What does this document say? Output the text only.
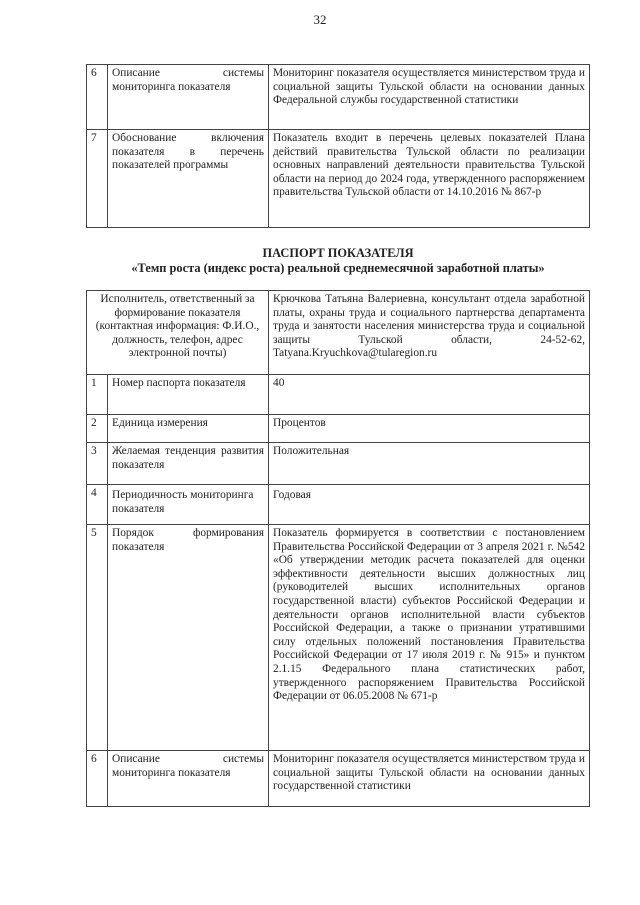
32
6	Описание системы мониторинга показателя	Мониторинг показателя осуществляется министерством труда и социальной защиты Тульской области на основании данных Федеральной службы государственной статистики
7	Обоснование включения показателя в перечень показателей программы	Показатель входит в перечень целевых показателей Плана действий правительства Тульской области по реализации основных направлений деятельности правительства Тульской области на период до 2024 года, утвержденного распоряжением правительства Тульской области от 14.10.2016 № 867-р
ПАСПОРТ ПОКАЗАТЕЛЯ
«Темп роста (индекс роста) реальной среднемесячной заработной платы»
Исполнитель, ответственный за формирование показателя (контактная информация: Ф.И.О., должность, телефон, адрес электронной почты)		Крючкова Татьяна Валериевна, консультант отдела заработной платы, охраны труда и социального партнерства департамента труда и занятости населения министерства труда и социальной защиты Тульской области, 24-52-62, Tatyana.Kryuchkova@tularegion.ru
1	Номер паспорта показателя	40
2	Единица измерения	Процентов
3	Желаемая тенденция развития показателя	Положительная
4	Периодичность мониторинга показателя	Годовая
5	Порядок формирования показателя	Показатель формируется в соответствии с постановлением Правительства Российской Федерации от 3 апреля 2021 г. №542 «Об утверждении методик расчета показателей для оценки эффективности деятельности высших должностных лиц (руководителей высших исполнительных органов государственной власти) субъектов Российской Федерации и деятельности органов исполнительной власти субъектов Российской Федерации, а также о признании утратившими силу отдельных положений постановления Правительства Российской Федерации от 17 июля 2019 г. № 915» и пунктом 2.1.15 Федерального плана статистических работ, утвержденного распоряжением Правительства Российской Федерации от 06.05.2008 № 671-р
6	Описание системы мониторинга показателя	Мониторинг показателя осуществляется министерством труда и социальной защиты Тульской области на основании данных государственной статистики
